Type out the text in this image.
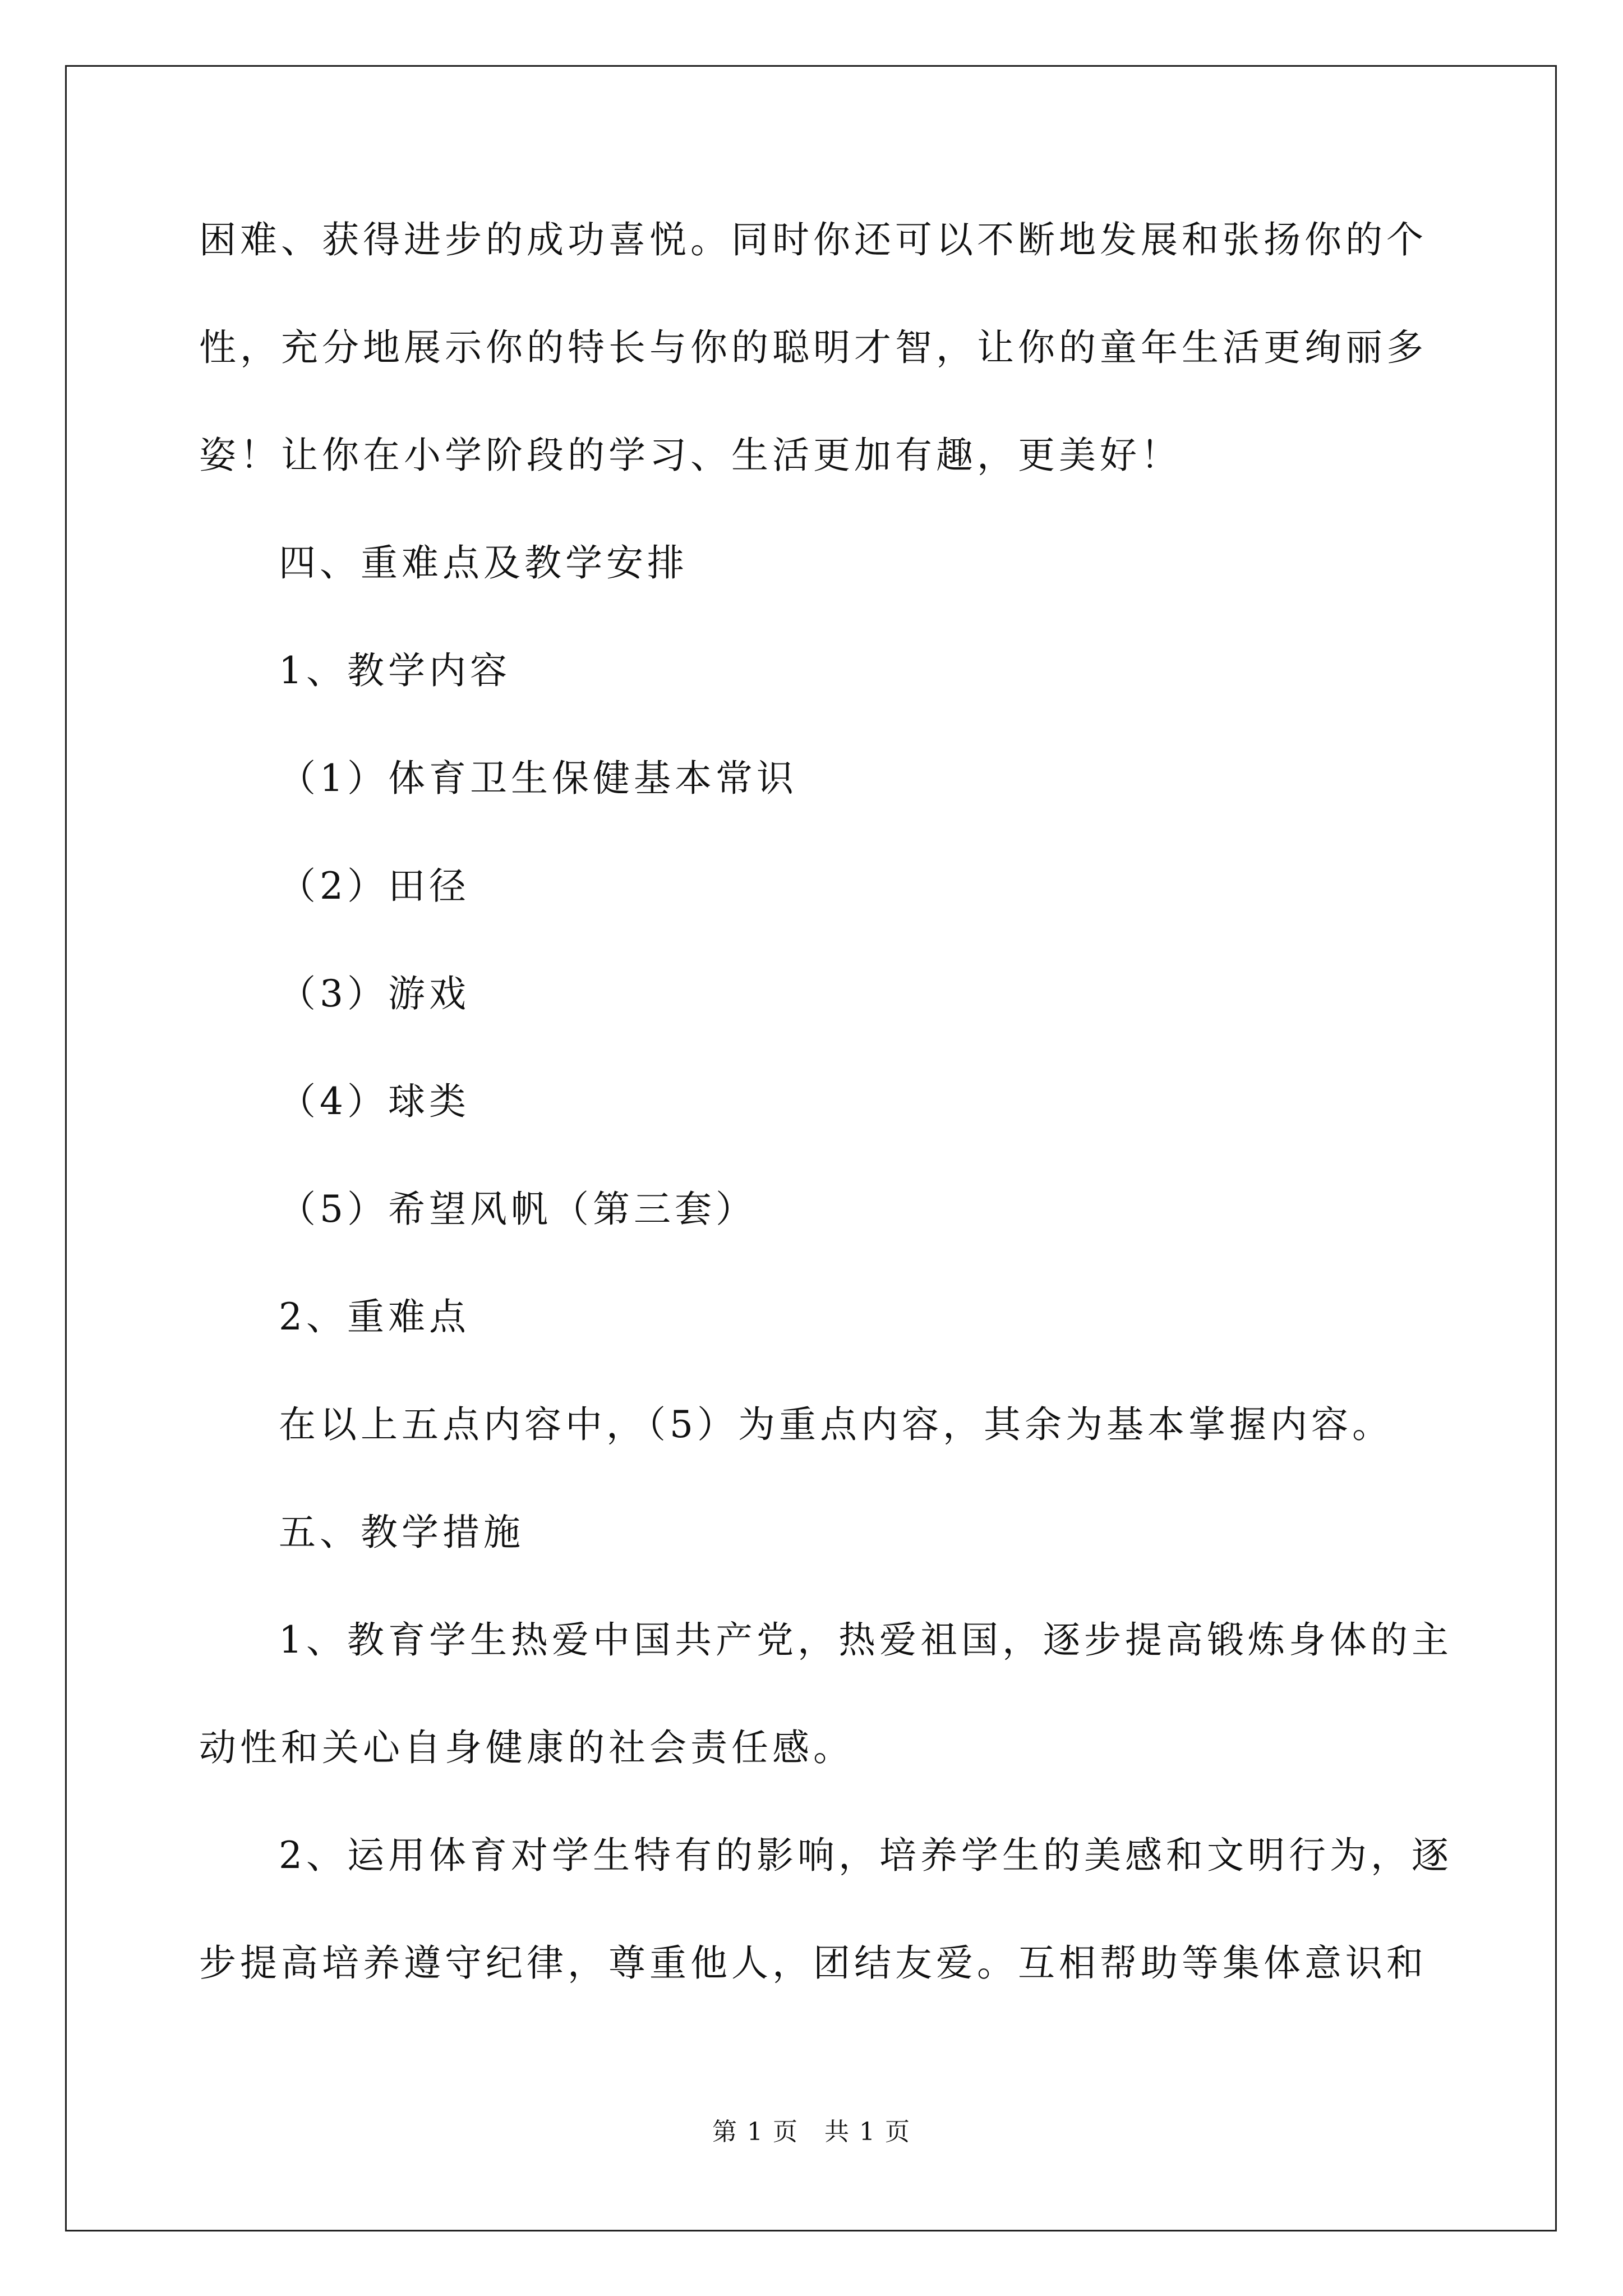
困难、获得进步的成功喜悦。同时你还可以不断地发展和张扬你的个
性，充分地展示你的特长与你的聪明才智，让你的童年生活更绚丽多
姿！让你在小学阶段的学习、生活更加有趣，更美好！
四、重难点及教学安排
1、教学内容
（1）体育卫生保健基本常识
（2）田径
（3）游戏
（4）球类
（5）希望风帆（第三套）
2、重难点
在以上五点内容中，（5）为重点内容，其余为基本掌握内容。
五、教学措施
1、教育学生热爱中国共产党，热爱祖国，逐步提高锻炼身体的主
动性和关心自身健康的社会责任感。
2、运用体育对学生特有的影响，培养学生的美感和文明行为，逐
步提高培养遵守纪律，尊重他人，团结友爱。互相帮助等集体意识和
第 1 页　共 1 页
